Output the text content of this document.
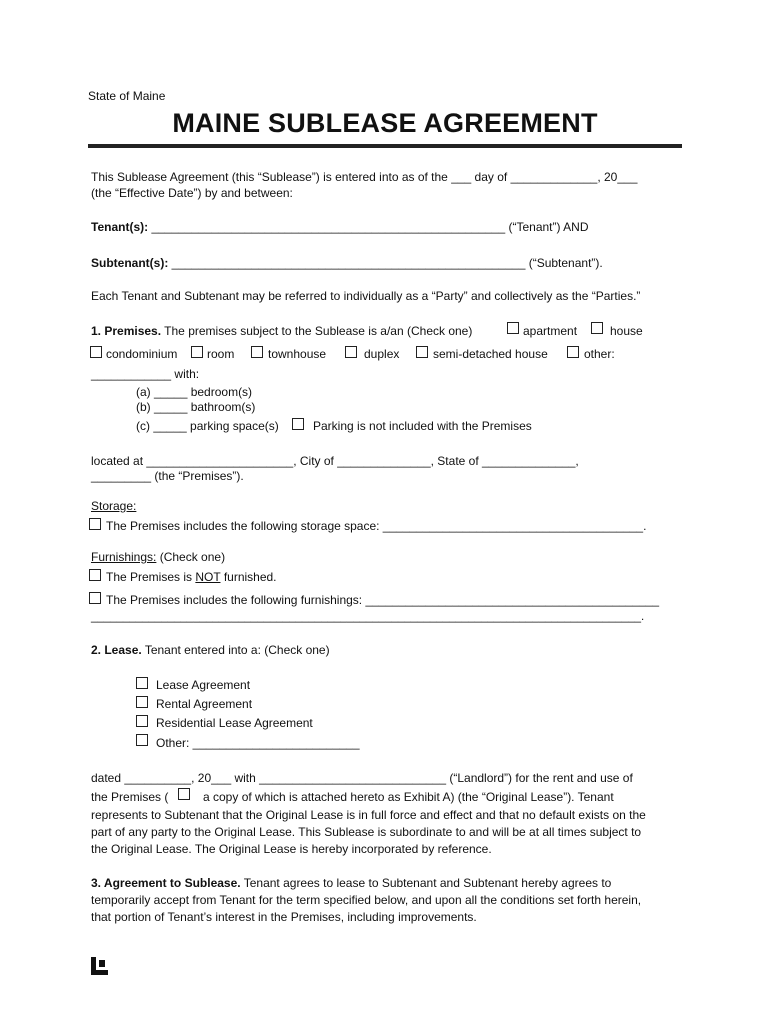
State of Maine
MAINE SUBLEASE AGREEMENT
This Sublease Agreement (this “Sublease”) is entered into as of the ___ day of _____________, 20___
(the “Effective Date”) by and between:
Tenant(s): _____________________________________________________ (“Tenant”) AND
Subtenant(s): _____________________________________________________ (“Subtenant”).
Each Tenant and Subtenant may be referred to individually as a “Party” and collectively as the “Parties.”
1. Premises. The premises subject to the Sublease is a/an (Check one)	apartment	house
condominium room	townhouse	duplex	semi-detached house	other:
____________ with:
(a) _____ bedroom(s)
(b) _____ bathroom(s)
(c) _____ parking space(s)	Parking is not included with the Premises
located at ______________________, City of ______________, State of ______________,
_________ (the “Premises”).
Storage:
The Premises includes the following storage space: _______________________________________.
Furnishings: (Check one)
The Premises is NOT furnished.
The Premises includes the following furnishings: ____________________________________________
______________________________________________________________________________________.
2. Lease. Tenant entered into a: (Check one)
Lease Agreement
Rental Agreement
Residential Lease Agreement
Other: _________________________
dated __________, 20___ with ____________________________ (“Landlord”) for the rent and use of
the Premises (	a copy of which is attached hereto as Exhibit A) (the “Original Lease”). Tenant
represents to Subtenant that the Original Lease is in full force and effect and that no default exists on the
part of any party to the Original Lease. This Sublease is subordinate to and will be at all times subject to
the Original Lease. The Original Lease is hereby incorporated by reference.
3. Agreement to Sublease. Tenant agrees to lease to Subtenant and Subtenant hereby agrees to
temporarily accept from Tenant for the term specified below, and upon all the conditions set forth herein,
that portion of Tenant’s interest in the Premises, including improvements.
